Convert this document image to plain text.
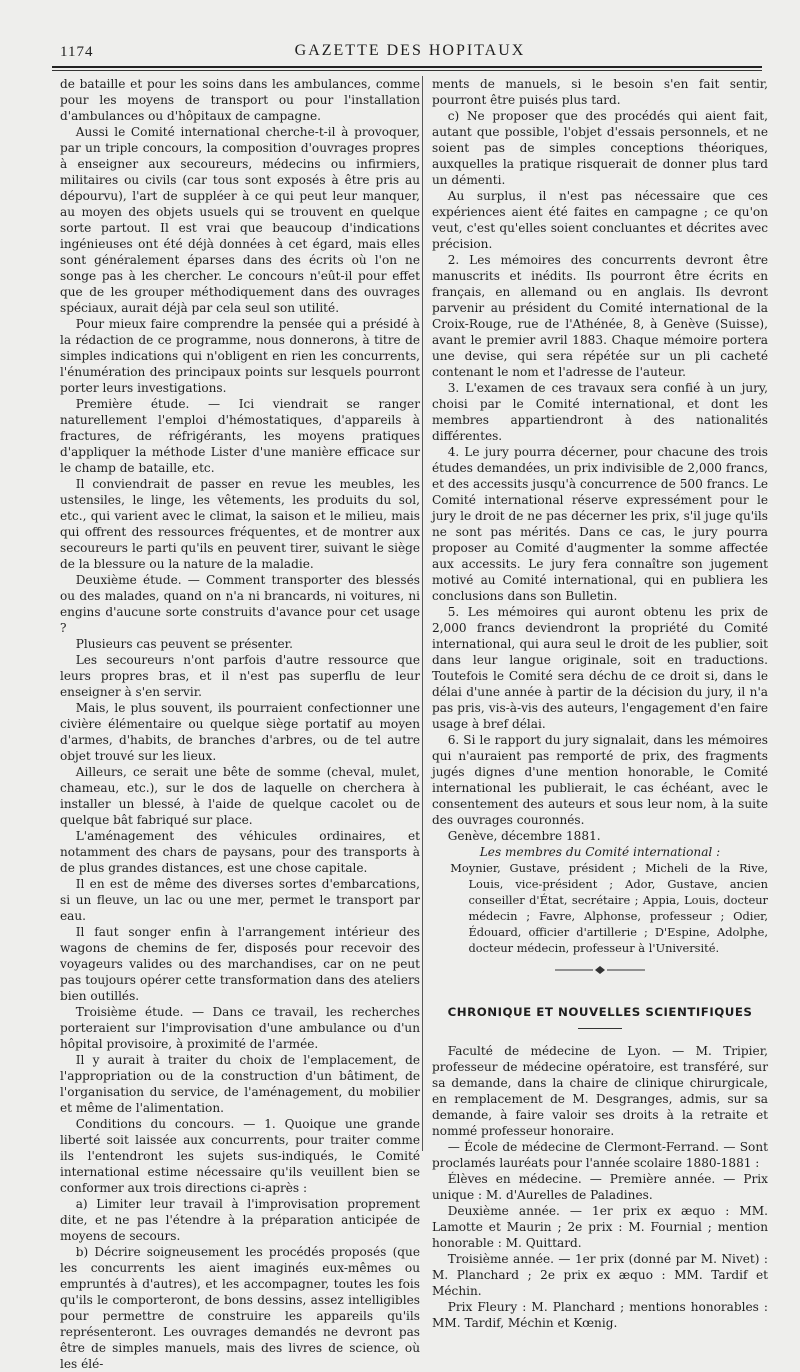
1174	GAZETTE DES HOPITAUX

de bataille et pour les soins dans les ambulances, comme pour les moyens de transport ou pour l'installation d'ambulances ou d'hôpitaux de campagne.

Aussi le Comité international cherche-t-il à provoquer, par un triple concours, la composition d'ouvrages propres à enseigner aux secoureurs, médecins ou infirmiers, militaires ou civils (car tous sont exposés à être pris au dépourvu), l'art de suppléer à ce qui peut leur manquer, au moyen des objets usuels qui se trouvent en quelque sorte partout. Il est vrai que beaucoup d'indications ingénieuses ont été déjà données à cet égard, mais elles sont généralement éparses dans des écrits où l'on ne songe pas à les chercher. Le concours n'eût-il pour effet que de les grouper méthodiquement dans des ouvrages spéciaux, aurait déjà par cela seul son utilité.

Pour mieux faire comprendre la pensée qui a présidé à la rédaction de ce programme, nous donnerons, à titre de simples indications qui n'obligent en rien les concurrents, l'énumération des principaux points sur lesquels pourront porter leurs investigations.

Première étude. — Ici viendrait se ranger naturellement l'emploi d'hémostatiques, d'appareils à fractures, de réfrigérants, les moyens pratiques d'appliquer la méthode Lister d'une manière efficace sur le champ de bataille, etc.

Il conviendrait de passer en revue les meubles, les ustensiles, le linge, les vêtements, les produits du sol, etc., qui varient avec le climat, la saison et le milieu, mais qui offrent des ressources fréquentes, et de montrer aux secoureurs le parti qu'ils en peuvent tirer, suivant le siège de la blessure ou la nature de la maladie.

Deuxième étude. — Comment transporter des blessés ou des malades, quand on n'a ni brancards, ni voitures, ni engins d'aucune sorte construits d'avance pour cet usage ?

Plusieurs cas peuvent se présenter.

Les secoureurs n'ont parfois d'autre ressource que leurs propres bras, et il n'est pas superflu de leur enseigner à s'en servir.

Mais, le plus souvent, ils pourraient confectionner une civière élémentaire ou quelque siège portatif au moyen d'armes, d'habits, de branches d'arbres, ou de tel autre objet trouvé sur les lieux.

Ailleurs, ce serait une bête de somme (cheval, mulet, chameau, etc.), sur le dos de laquelle on cherchera à installer un blessé, à l'aide de quelque cacolet ou de quelque bât fabriqué sur place.

L'aménagement des véhicules ordinaires, et notamment des chars de paysans, pour des transports à de plus grandes distances, est une chose capitale.

Il en est de même des diverses sortes d'embarcations, si un fleuve, un lac ou une mer, permet le transport par eau.

Il faut songer enfin à l'arrangement intérieur des wagons de chemins de fer, disposés pour recevoir des voyageurs valides ou des marchandises, car on ne peut pas toujours opérer cette transformation dans des ateliers bien outillés.

Troisième étude. — Dans ce travail, les recherches porteraient sur l'improvisation d'une ambulance ou d'un hôpital provisoire, à proximité de l'armée.

Il y aurait à traiter du choix de l'emplacement, de l'appropriation ou de la construction d'un bâtiment, de l'organisation du service, de l'aménagement, du mobilier et même de l'alimentation.

Conditions du concours. — 1. Quoique une grande liberté soit laissée aux concurrents, pour traiter comme ils l'entendront les sujets sus-indiqués, le Comité international estime nécessaire qu'ils veuillent bien se conformer aux trois directions ci-après :

a) Limiter leur travail à l'improvisation proprement dite, et ne pas l'étendre à la préparation anticipée de moyens de secours.

b) Décrire soigneusement les procédés proposés (que les concurrents les aient imaginés eux-mêmes ou empruntés à d'autres), et les accompagner, toutes les fois qu'ils le comporteront, de bons dessins, assez intelligibles pour permettre de construire les appareils qu'ils représenteront. Les ouvrages demandés ne devront pas être de simples manuels, mais des livres de science, où les élé-

ments de manuels, si le besoin s'en fait sentir, pourront être puisés plus tard.

c) Ne proposer que des procédés qui aient fait, autant que possible, l'objet d'essais personnels, et ne soient pas de simples conceptions théoriques, auxquelles la pratique risquerait de donner plus tard un démenti.

Au surplus, il n'est pas nécessaire que ces expériences aient été faites en campagne ; ce qu'on veut, c'est qu'elles soient concluantes et décrites avec précision.

2. Les mémoires des concurrents devront être manuscrits et inédits. Ils pourront être écrits en français, en allemand ou en anglais. Ils devront parvenir au président du Comité international de la Croix-Rouge, rue de l'Athénée, 8, à Genève (Suisse), avant le premier avril 1883. Chaque mémoire portera une devise, qui sera répétée sur un pli cacheté contenant le nom et l'adresse de l'auteur.

3. L'examen de ces travaux sera confié à un jury, choisi par le Comité international, et dont les membres appartiendront à des nationalités différentes.

4. Le jury pourra décerner, pour chacune des trois études demandées, un prix indivisible de 2,000 francs, et des accessits jusqu'à concurrence de 500 francs. Le Comité international réserve expressément pour le jury le droit de ne pas décerner les prix, s'il juge qu'ils ne sont pas mérités. Dans ce cas, le jury pourra proposer au Comité d'augmenter la somme affectée aux accessits. Le jury fera connaître son jugement motivé au Comité international, qui en publiera les conclusions dans son Bulletin.

5. Les mémoires qui auront obtenu les prix de 2,000 francs deviendront la propriété du Comité international, qui aura seul le droit de les publier, soit dans leur langue originale, soit en traductions. Toutefois le Comité sera déchu de ce droit si, dans le délai d'une année à partir de la décision du jury, il n'a pas pris, vis-à-vis des auteurs, l'engagement d'en faire usage à bref délai.

6. Si le rapport du jury signalait, dans les mémoires qui n'auraient pas remporté de prix, des fragments jugés dignes d'une mention honorable, le Comité international les publierait, le cas échéant, avec le consentement des auteurs et sous leur nom, à la suite des ouvrages couronnés.

Genève, décembre 1881.

Les membres du Comité international :

Moynier, Gustave, président ; Micheli de la Rive, Louis, vice-président ; Ador, Gustave, ancien conseiller d'État, secrétaire ; Appia, Louis, docteur médecin ; Favre, Alphonse, professeur ; Odier, Édouard, officier d'artillerie ; D'Espine, Adolphe, docteur médecin, professeur à l'Université.

CHRONIQUE ET NOUVELLES SCIENTIFIQUES

Faculté de médecine de Lyon. — M. Tripier, professeur de médecine opératoire, est transféré, sur sa demande, dans la chaire de clinique chirurgicale, en remplacement de M. Desgranges, admis, sur sa demande, à faire valoir ses droits à la retraite et nommé professeur honoraire.

— École de médecine de Clermont-Ferrand. — Sont proclamés lauréats pour l'année scolaire 1880-1881 :

Élèves en médecine. — Première année. — Prix unique : M. d'Aurelles de Paladines.

Deuxième année. — 1er prix ex æquo : MM. Lamotte et Maurin ; 2e prix : M. Fournial ; mention honorable : M. Quittard.

Troisième année. — 1er prix (donné par M. Nivet) : M. Planchard ; 2e prix ex æquo : MM. Tardif et Méchin.

Prix Fleury : M. Planchard ; mentions honorables : MM. Tardif, Méchin et Kœnig.
